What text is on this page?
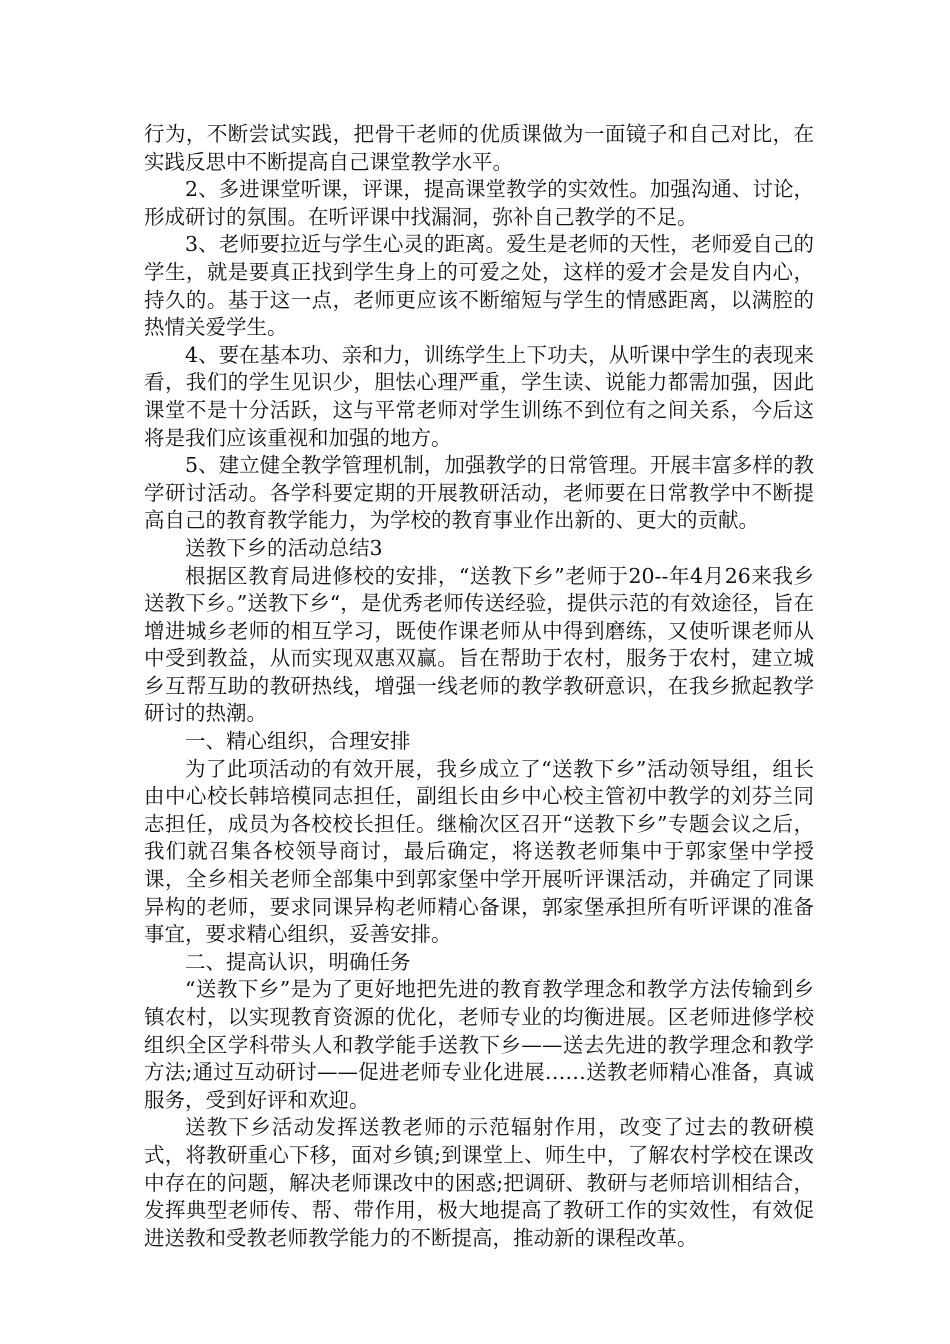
行为，不断尝试实践，把骨干老师的优质课做为一面镜子和自己对比，在实践反思中不断提高自己课堂教学水平。

2、多进课堂听课，评课，提高课堂教学的实效性。加强沟通、讨论，形成研讨的氛围。在听评课中找漏洞，弥补自己教学的不足。

3、老师要拉近与学生心灵的距离。爱生是老师的天性，老师爱自己的学生，就是要真正找到学生身上的可爱之处，这样的爱才会是发自内心，持久的。基于这一点，老师更应该不断缩短与学生的情感距离，以满腔的热情关爱学生。

4、要在基本功、亲和力，训练学生上下功夫，从听课中学生的表现来看，我们的学生见识少，胆怯心理严重，学生读、说能力都需加强，因此课堂不是十分活跃，这与平常老师对学生训练不到位有之间关系，今后这将是我们应该重视和加强的地方。

5、建立健全教学管理机制，加强教学的日常管理。开展丰富多样的教学研讨活动。各学科要定期的开展教研活动，老师要在日常教学中不断提高自己的教育教学能力，为学校的教育事业作出新的、更大的贡献。

送教下乡的活动总结3

根据区教育局进修校的安排，“送教下乡”老师于20--年4月26来我乡送教下乡。”送教下乡“，是优秀老师传送经验，提供示范的有效途径，旨在增进城乡老师的相互学习，既使作课老师从中得到磨练，又使听课老师从中受到教益，从而实现双惠双赢。旨在帮助于农村，服务于农村，建立城乡互帮互助的教研热线，增强一线老师的教学教研意识，在我乡掀起教学研讨的热潮。

一、精心组织，合理安排

为了此项活动的有效开展，我乡成立了“送教下乡”活动领导组，组长由中心校长韩培模同志担任，副组长由乡中心校主管初中教学的刘芬兰同志担任，成员为各校校长担任。继榆次区召开“送教下乡”专题会议之后，我们就召集各校领导商讨，最后确定，将送教老师集中于郭家堡中学授课，全乡相关老师全部集中到郭家堡中学开展听评课活动，并确定了同课异构的老师，要求同课异构老师精心备课，郭家堡承担所有听评课的准备事宜，要求精心组织，妥善安排。

二、提高认识，明确任务

“送教下乡”是为了更好地把先进的教育教学理念和教学方法传输到乡镇农村，以实现教育资源的优化，老师专业的均衡进展。区老师进修学校组织全区学科带头人和教学能手送教下乡——送去先进的教学理念和教学方法;通过互动研讨——促进老师专业化进展……送教老师精心准备，真诚服务，受到好评和欢迎。

送教下乡活动发挥送教老师的示范辐射作用，改变了过去的教研模式，将教研重心下移，面对乡镇;到课堂上、师生中，了解农村学校在课改中存在的问题，解决老师课改中的困惑;把调研、教研与老师培训相结合，发挥典型老师传、帮、带作用，极大地提高了教研工作的实效性，有效促进送教和受教老师教学能力的不断提高，推动新的课程改革。
